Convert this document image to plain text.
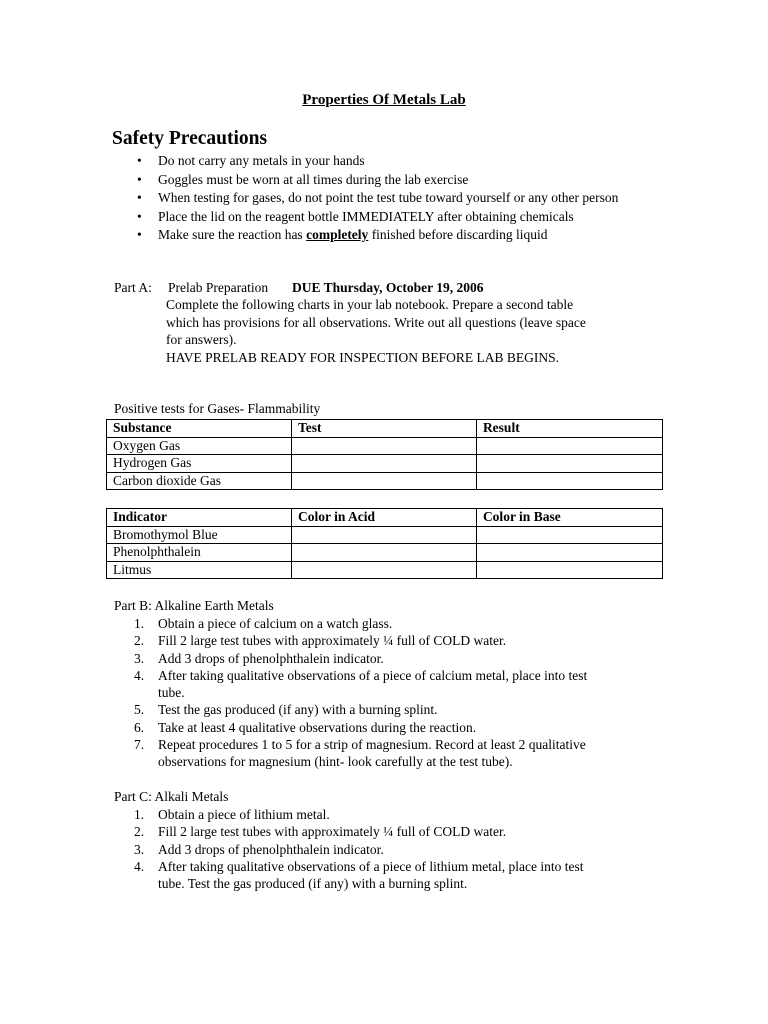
Properties Of Metals Lab
Safety Precautions
• Do not carry any metals in your hands
• Goggles must be worn at all times during the lab exercise
• When testing for gases, do not point the test tube toward yourself or any other person
• Place the lid on the reagent bottle IMMEDIATELY after obtaining chemicals
• Make sure the reaction has completely finished before discarding liquid
Part A: Prelab Preparation DUE Thursday, October 19, 2006
Complete the following charts in your lab notebook. Prepare a second table
which has provisions for all observations. Write out all questions (leave space
for answers).
HAVE PRELAB READY FOR INSPECTION BEFORE LAB BEGINS.
Positive tests for Gases- Flammability
Substance	Test	Result
Oxygen Gas		
Hydrogen Gas		
Carbon dioxide Gas		
Indicator	Color in Acid	Color in Base
Bromothymol Blue		
Phenolphthalein		
Litmus		
Part B: Alkaline Earth Metals
1. Obtain a piece of calcium on a watch glass.
2. Fill 2 large test tubes with approximately ¼ full of COLD water.
3. Add 3 drops of phenolphthalein indicator.
4. After taking qualitative observations of a piece of calcium metal, place into test
tube.
5. Test the gas produced (if any) with a burning splint.
6. Take at least 4 qualitative observations during the reaction.
7. Repeat procedures 1 to 5 for a strip of magnesium. Record at least 2 qualitative
observations for magnesium (hint- look carefully at the test tube).
Part C: Alkali Metals
1. Obtain a piece of lithium metal.
2. Fill 2 large test tubes with approximately ¼ full of COLD water.
3. Add 3 drops of phenolphthalein indicator.
4. After taking qualitative observations of a piece of lithium metal, place into test
tube. Test the gas produced (if any) with a burning splint.
